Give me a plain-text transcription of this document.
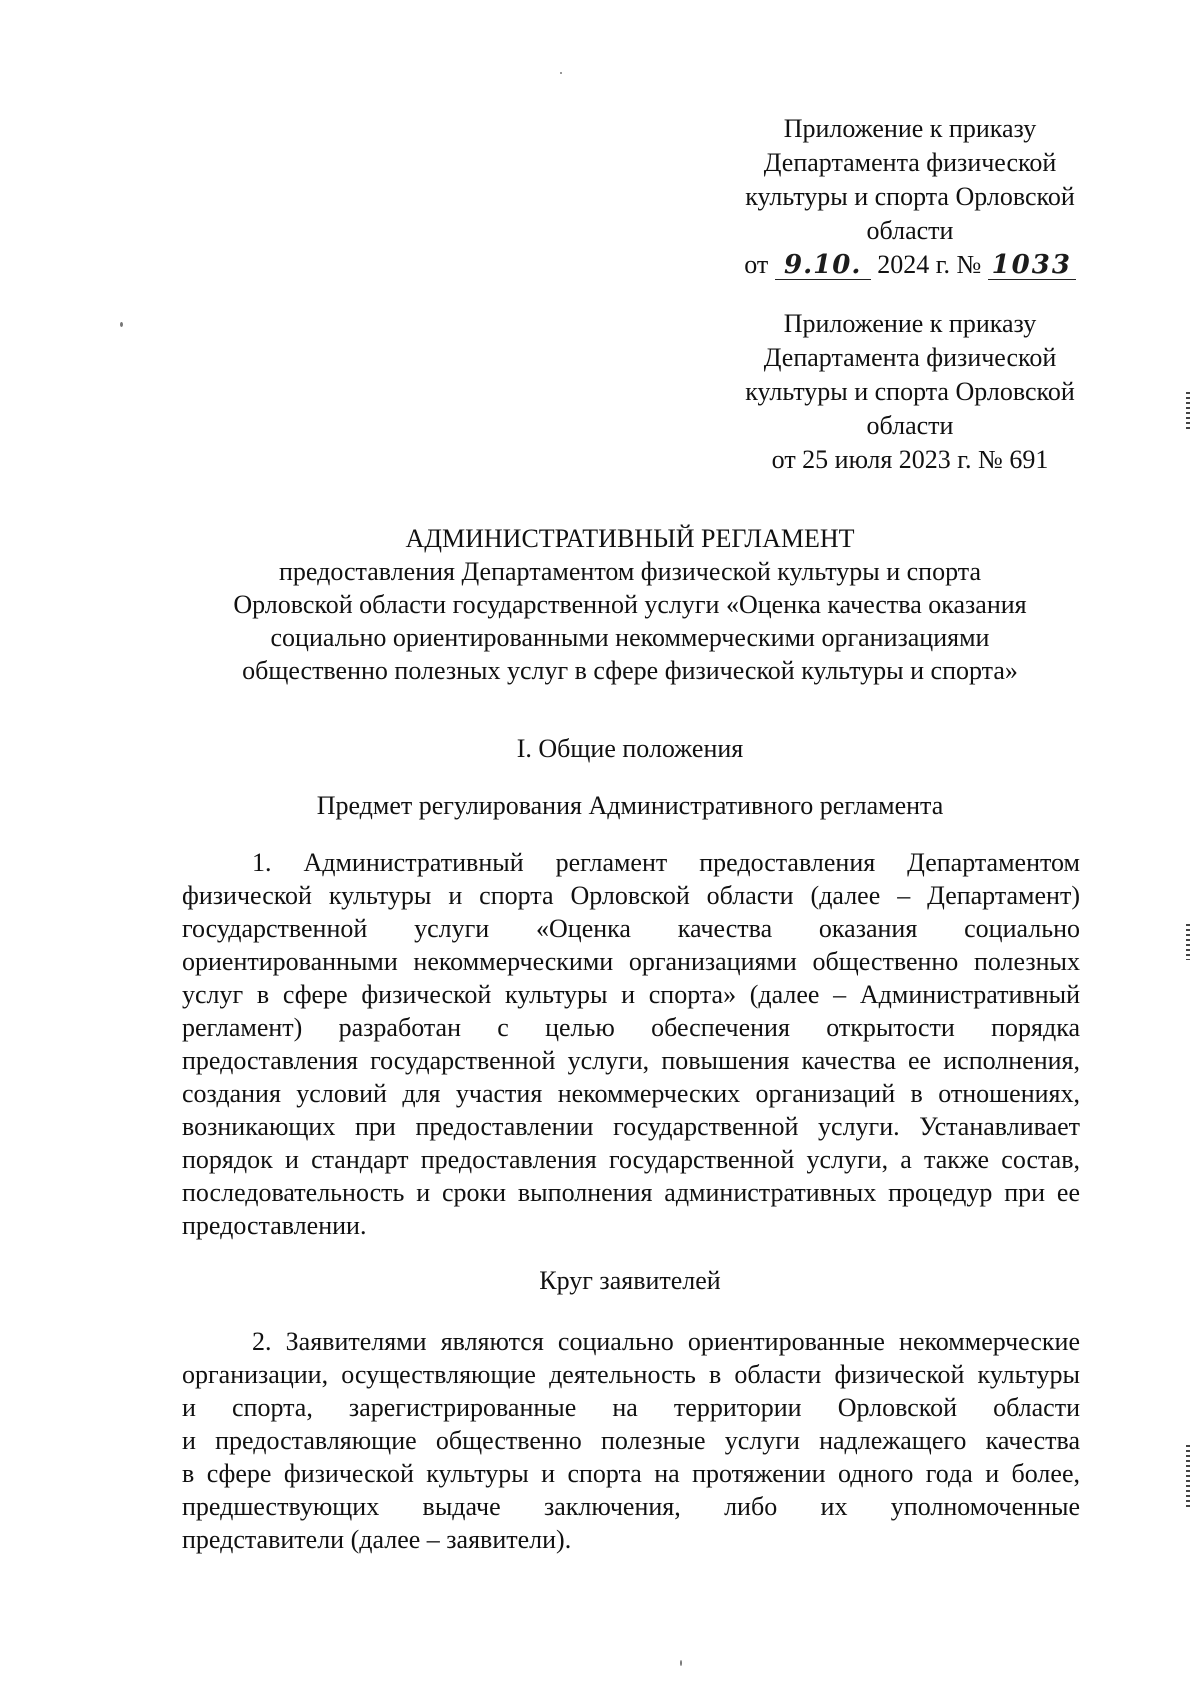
Приложение к приказу
Департамента физической
культуры и спорта Орловской
области
от 9.10. 2024 г. № 1033
Приложение к приказу
Департамента физической
культуры и спорта Орловской
области
от 25 июля 2023 г. № 691
АДМИНИСТРАТИВНЫЙ РЕГЛАМЕНТ
предоставления Департаментом физической культуры и спорта
Орловской области государственной услуги «Оценка качества оказания
социально ориентированными некоммерческими организациями
общественно полезных услуг в сфере физической культуры и спорта»
I. Общие положения
Предмет регулирования Административного регламента
1. Административный регламент предоставления Департаментом
физической культуры и спорта Орловской области (далее – Департамент)
государственной услуги «Оценка качества оказания социально
ориентированными некоммерческими организациями общественно полезных
услуг в сфере физической культуры и спорта» (далее – Административный
регламент) разработан с целью обеспечения открытости порядка
предоставления государственной услуги, повышения качества ее исполнения,
создания условий для участия некоммерческих организаций в отношениях,
возникающих при предоставлении государственной услуги. Устанавливает
порядок и стандарт предоставления государственной услуги, а также состав,
последовательность и сроки выполнения административных процедур при ее
предоставлении.
Круг заявителей
2. Заявителями являются социально ориентированные некоммерческие
организации, осуществляющие деятельность в области физической культуры
и спорта, зарегистрированные на территории Орловской области
и предоставляющие общественно полезные услуги надлежащего качества
в сфере физической культуры и спорта на протяжении одного года и более,
предшествующих выдаче заключения, либо их уполномоченные
представители (далее – заявители).
